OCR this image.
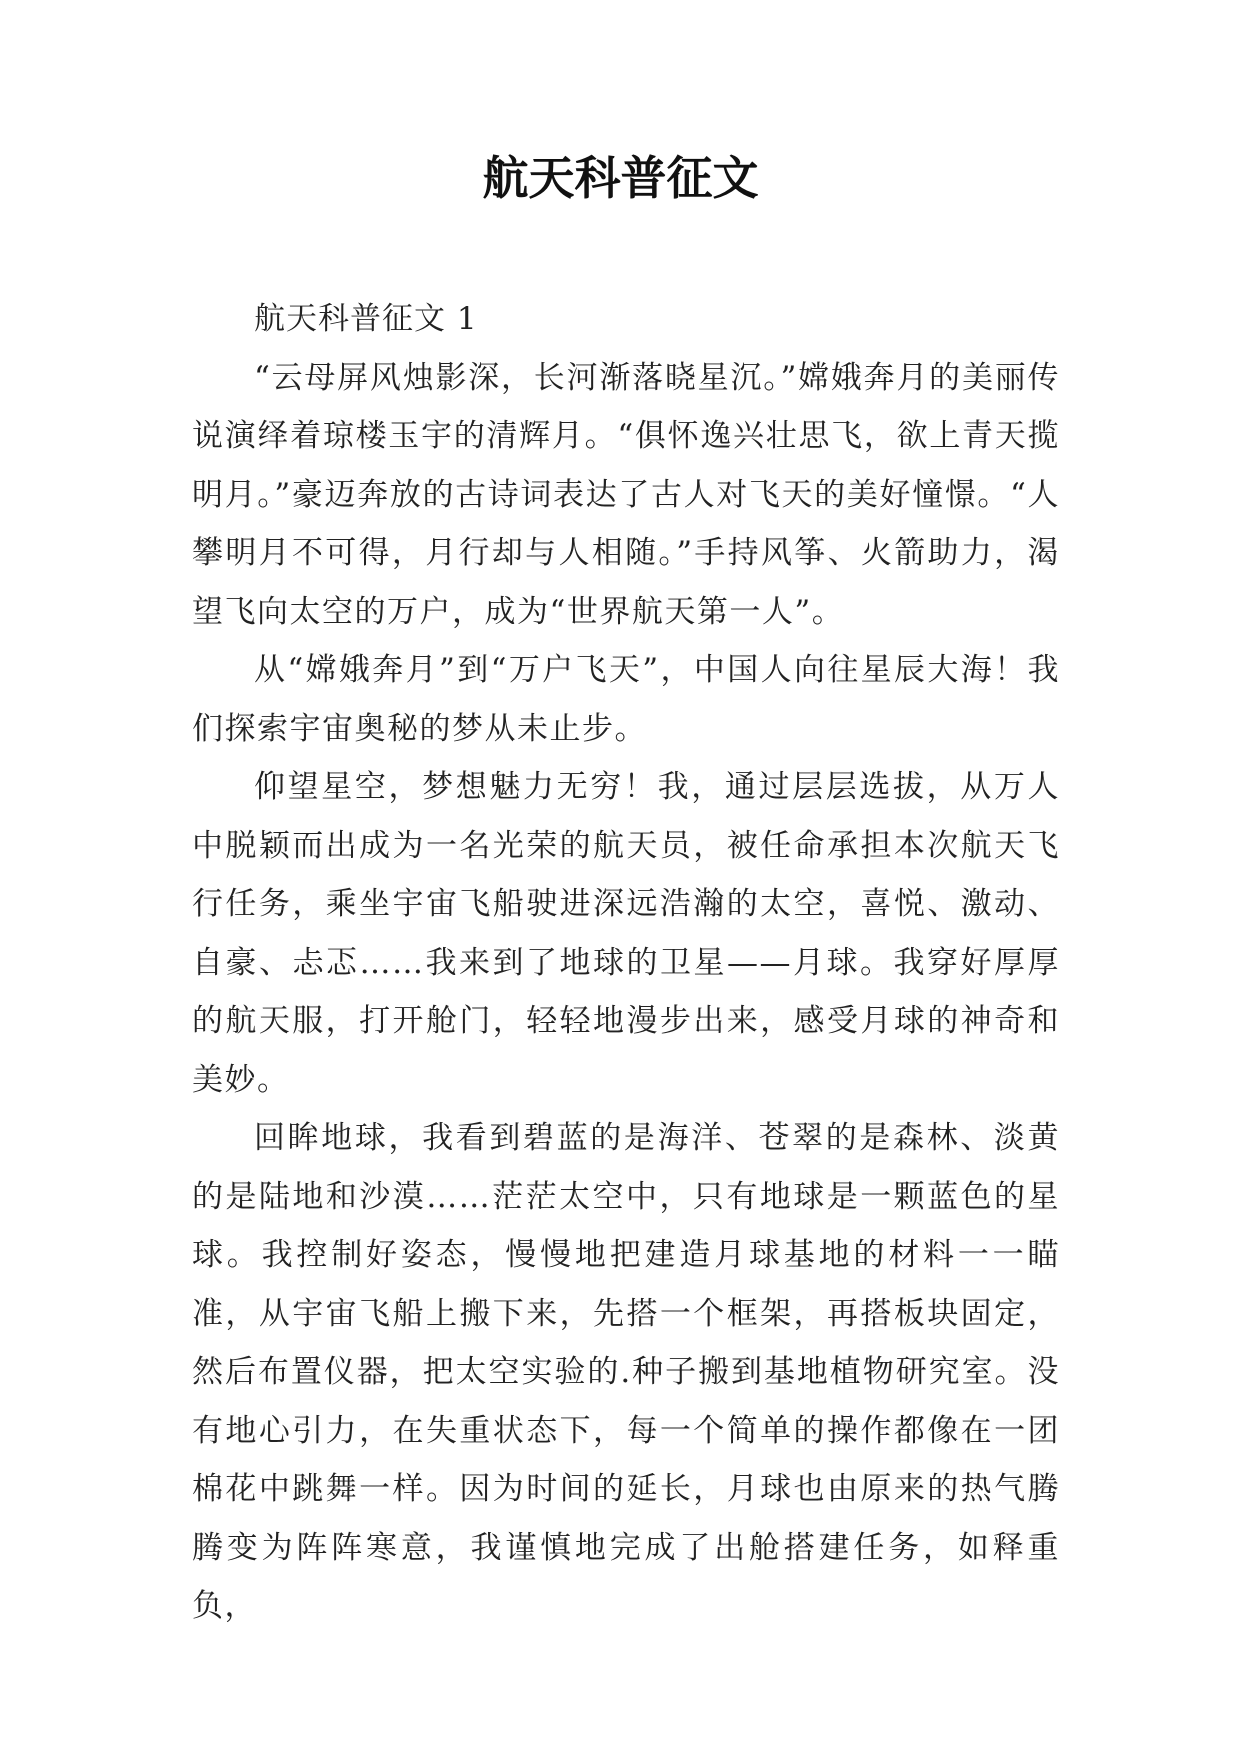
航天科普征文

航天科普征文 1

“云母屏风烛影深，长河渐落晓星沉。”嫦娥奔月的美丽传说演绎着琼楼玉宇的清辉月。“俱怀逸兴壮思飞，欲上青天揽明月。”豪迈奔放的古诗词表达了古人对飞天的美好憧憬。“人攀明月不可得，月行却与人相随。”手持风筝、火箭助力，渴望飞向太空的万户，成为“世界航天第一人”。

从“嫦娥奔月”到“万户飞天”，中国人向往星辰大海！我们探索宇宙奥秘的梦从未止步。

仰望星空，梦想魅力无穷！我，通过层层选拔，从万人中脱颖而出成为一名光荣的航天员，被任命承担本次航天飞行任务，乘坐宇宙飞船驶进深远浩瀚的太空，喜悦、激动、自豪、忐忑……我来到了地球的卫星——月球。我穿好厚厚的航天服，打开舱门，轻轻地漫步出来，感受月球的神奇和美妙。

回眸地球，我看到碧蓝的是海洋、苍翠的是森林、淡黄的是陆地和沙漠……茫茫太空中，只有地球是一颗蓝色的星球。我控制好姿态，慢慢地把建造月球基地的材料一一瞄准，从宇宙飞船上搬下来，先搭一个框架，再搭板块固定，然后布置仪器，把太空实验的.种子搬到基地植物研究室。没有地心引力，在失重状态下，每一个简单的操作都像在一团棉花中跳舞一样。因为时间的延长，月球也由原来的热气腾腾变为阵阵寒意，我谨慎地完成了出舱搭建任务，如释重负，
